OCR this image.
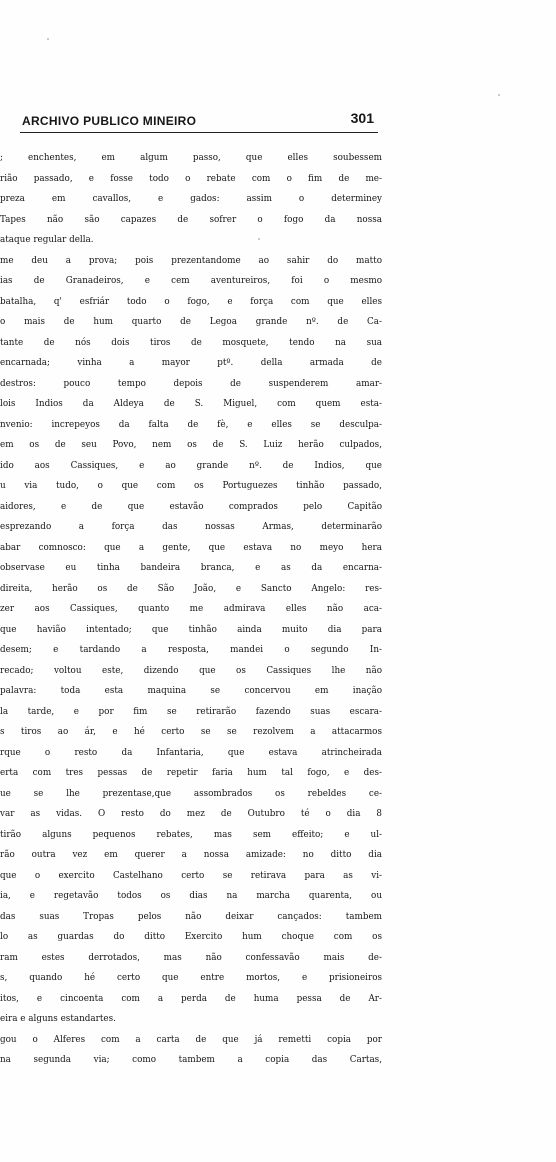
ARCHIVO PUBLICO MINEIRO	301
; enchentes, em algum passo, que elles soubessem
rião passado, e fosse todo o rebate com o fim de me-
preza em cavallos, e gados: assim o determiney
Tapes não são capazes de sofrer o fogo da nossa
ataque regular della.
me deu a prova; pois prezentandome ao sahir do matto
ias de Granadeiros, e cem aventureiros, foi o mesmo
batalha, q' esfriár todo o fogo, e força com que elles
o mais de hum quarto de Legoa grande nº. de Ca-
tante de nós dois tiros de mosquete, tendo na sua
encarnada; vinha a mayor ptº. della armada de
destros: pouco tempo depois de suspenderem amar-
lois Indios da Aldeya de S. Miguel, com quem esta-
nvenio: increpeyos da falta de fè, e elles se desculpa-
em os de seu Povo, nem os de S. Luiz herão culpados,
ido aos Cassiques, e ao grande nº. de Indios, que
u via tudo, o que com os Portuguezes tinhão passado,
aidores, e de que estavão comprados pelo Capitão
esprezando a força das nossas Armas, determinarão
abar comnosco: que a gente, que estava no meyo hera
observase eu tinha bandeira branca, e as da encarna-
direita, herão os de São João, e Sancto Angelo: res-
zer aos Cassiques, quanto me admirava elles não aca-
que havião intentado; que tinhão ainda muito dia para
desem; e tardando a resposta, mandei o segundo In-
recado; voltou este, dizendo que os Cassiques lhe não
palavra: toda esta maquina se concervou em inação
la tarde, e por fim se retirarão fazendo suas escara-
s tiros ao ár, e hé certo se se rezolvem a attacarmos
rque o resto da Infantaria, que estava atrincheirada
erta com tres pessas de repetir faria hum tal fogo, e des-
ue se lhe prezentase,que assombrados os rebeldes ce-
var as vidas. O resto do mez de Outubro té o dia 8
tirão alguns pequenos rebates, mas sem effeito; e ul-
rão outra vez em querer a nossa amizade: no ditto dia
que o exercito Castelhano certo se retirava para as vi-
ia, e regetavão todos os dias na marcha quarenta, ou
das suas Tropas pelos não deixar cançados: tambem
lo as guardas do ditto Exercito hum choque com os
ram estes derrotados, mas não confessavão mais de-
s, quando hé certo que entre mortos, e prisioneiros
itos, e cincoenta com a perda de huma pessa de Ar-
eira e alguns estandartes.
gou o Alferes com a carta de que já remetti copia por
na segunda via; como tambem a copia das Cartas,
